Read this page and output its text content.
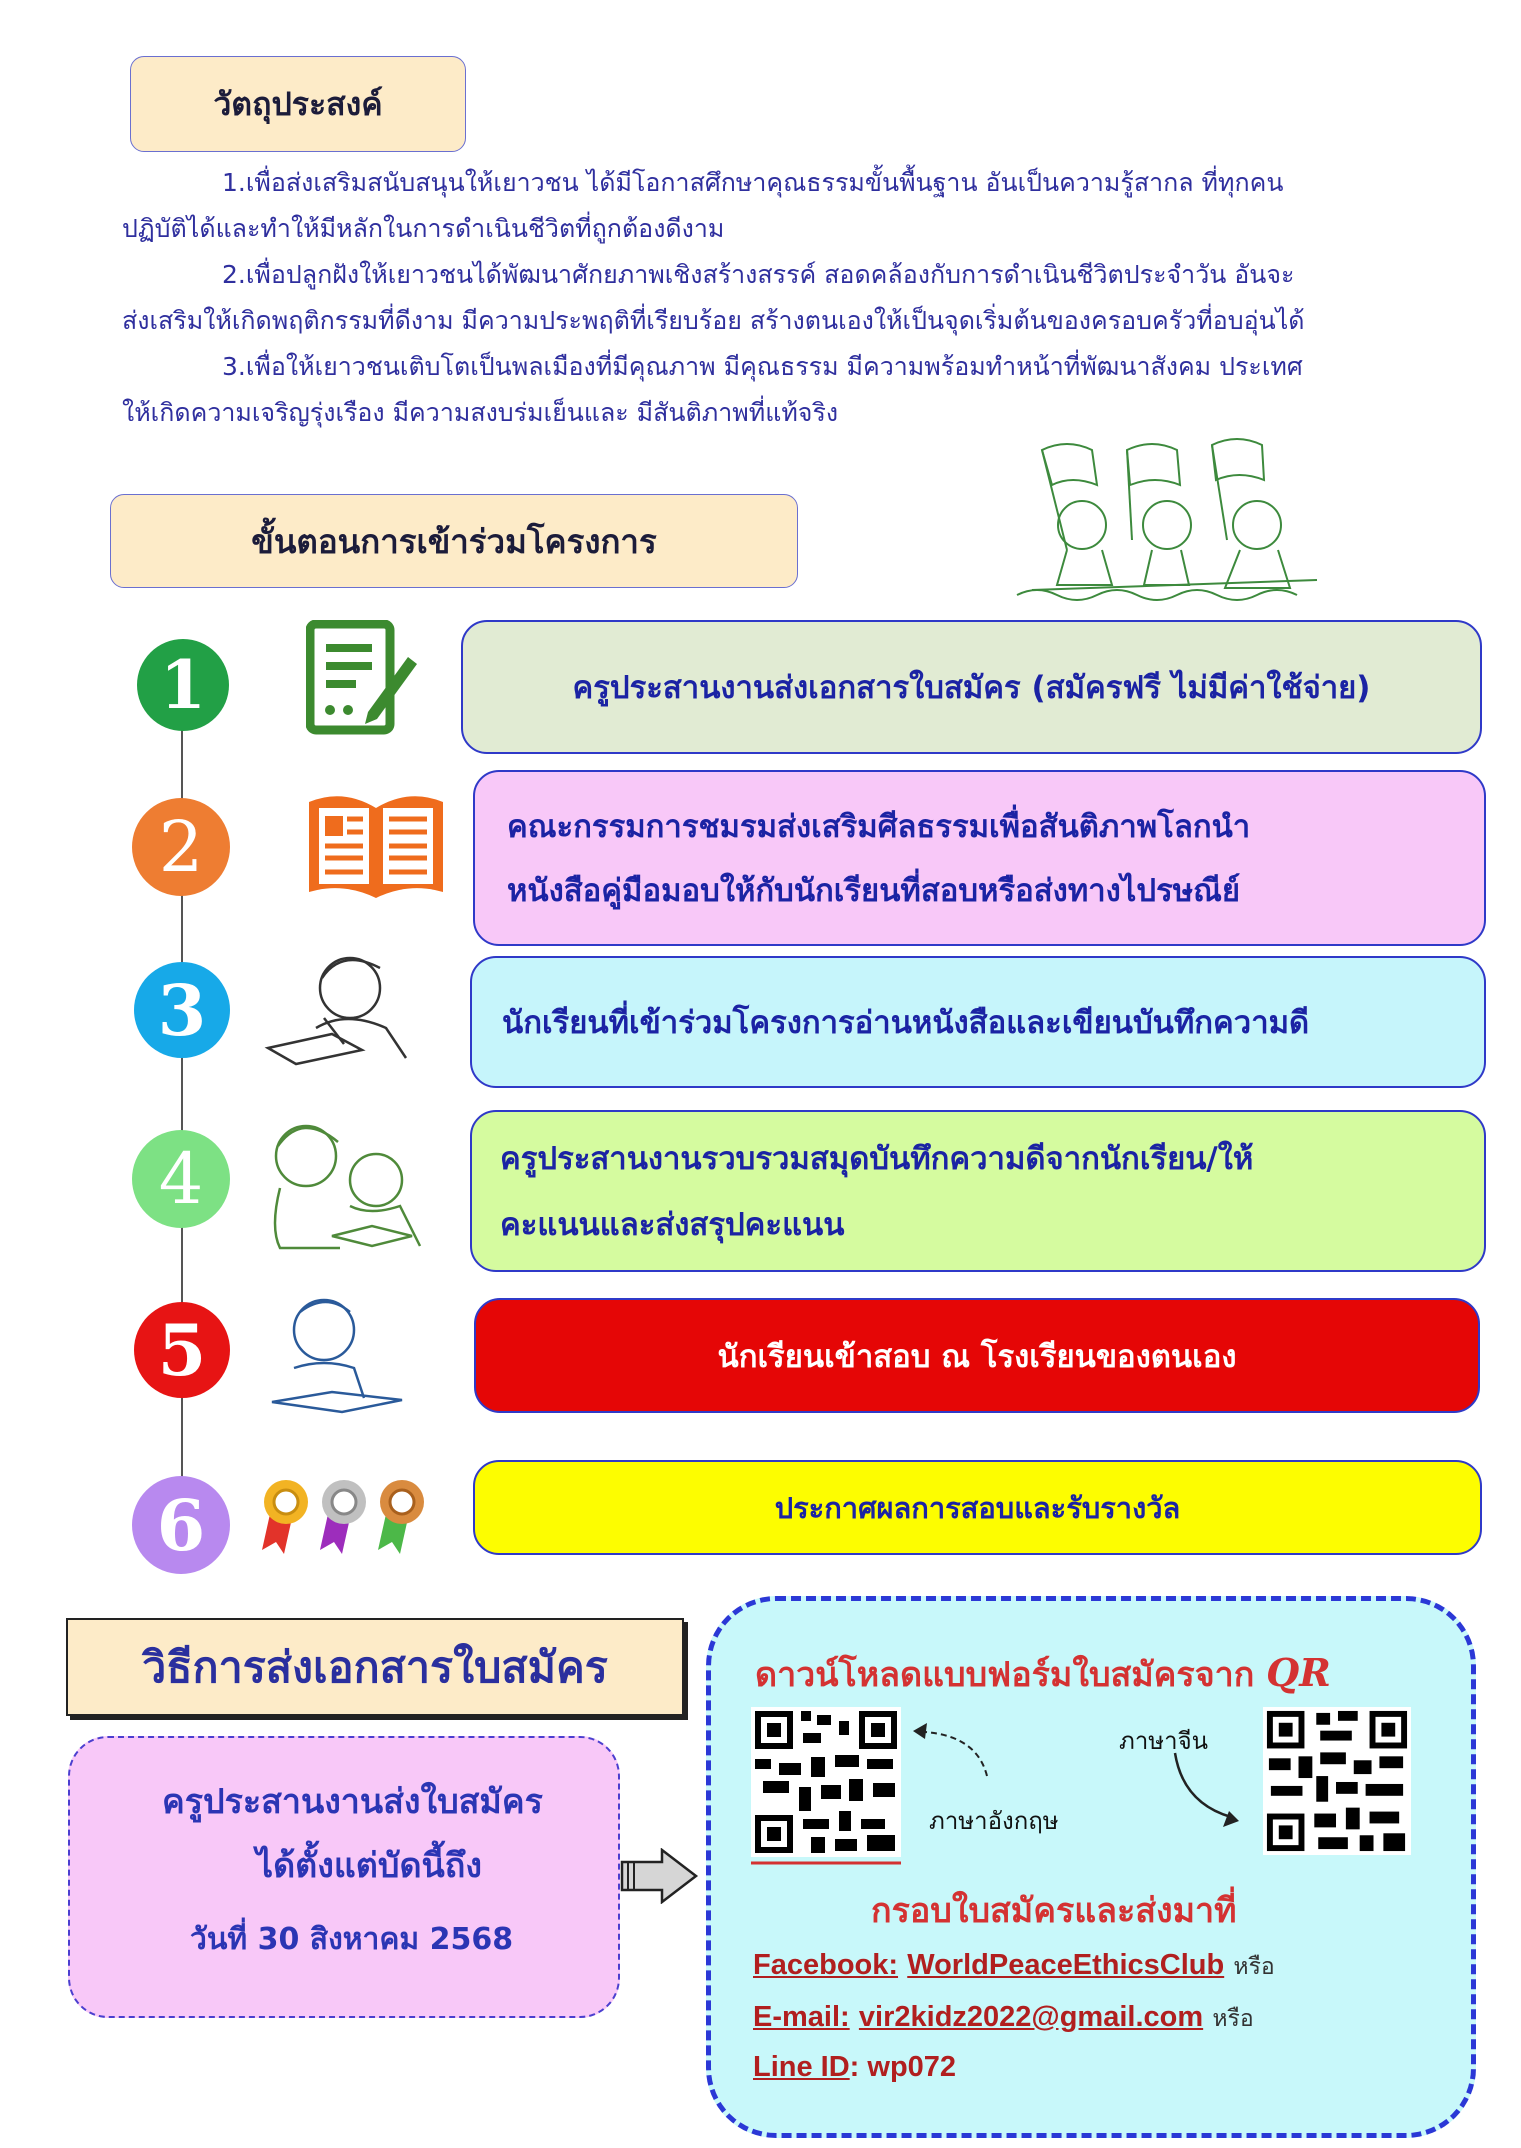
วัตถุประสงค์
1.เพื่อส่งเสริมสนับสนุนให้เยาวชน ได้มีโอกาสศึกษาคุณธรรมขั้นพื้นฐาน อันเป็นความรู้สากล ที่ทุกคน
ปฏิบัติได้และทำให้มีหลักในการดำเนินชีวิตที่ถูกต้องดีงาม
2.เพื่อปลูกฝังให้เยาวชนได้พัฒนาศักยภาพเชิงสร้างสรรค์ สอดคล้องกับการดำเนินชีวิตประจำวัน อันจะ
ส่งเสริมให้เกิดพฤติกรรมที่ดีงาม มีความประพฤติที่เรียบร้อย สร้างตนเองให้เป็นจุดเริ่มต้นของครอบครัวที่อบอุ่นได้
3.เพื่อให้เยาวชนเติบโตเป็นพลเมืองที่มีคุณภาพ มีคุณธรรม มีความพร้อมทำหน้าที่พัฒนาสังคม ประเทศ
ให้เกิดความเจริญรุ่งเรือง มีความสงบร่มเย็นและ มีสันติภาพที่แท้จริง
ขั้นตอนการเข้าร่วมโครงการ
1	ครูประสานงานส่งเอกสารใบสมัคร (สมัครฟรี ไม่มีค่าใช้จ่าย)
2	คณะกรรมการชมรมส่งเสริมศีลธรรมเพื่อสันติภาพโลกนำ
หนังสือคู่มือมอบให้กับนักเรียนที่สอบหรือส่งทางไปรษณีย์
3	นักเรียนที่เข้าร่วมโครงการอ่านหนังสือและเขียนบันทึกความดี
4	ครูประสานงานรวบรวมสมุดบันทึกความดีจากนักเรียน/ให้
คะแนนและส่งสรุปคะแนน
5	นักเรียนเข้าสอบ ณ โรงเรียนของตนเอง
6	ประกาศผลการสอบและรับรางวัล
วิธีการส่งเอกสารใบสมัคร
ครูประสานงานส่งใบสมัคร
ได้ตั้งแต่บัดนี้ถึง
วันที่ 30 สิงหาคม 2568
ดาวน์โหลดแบบฟอร์มใบสมัครจาก QR
ภาษาอังกฤษ
ภาษาจีน
กรอบใบสมัครและส่งมาที่
Facebook: WorldPeaceEthicsClub หรือ
E-mail: vir2kidz2022@gmail.com หรือ
Line ID: wp072
